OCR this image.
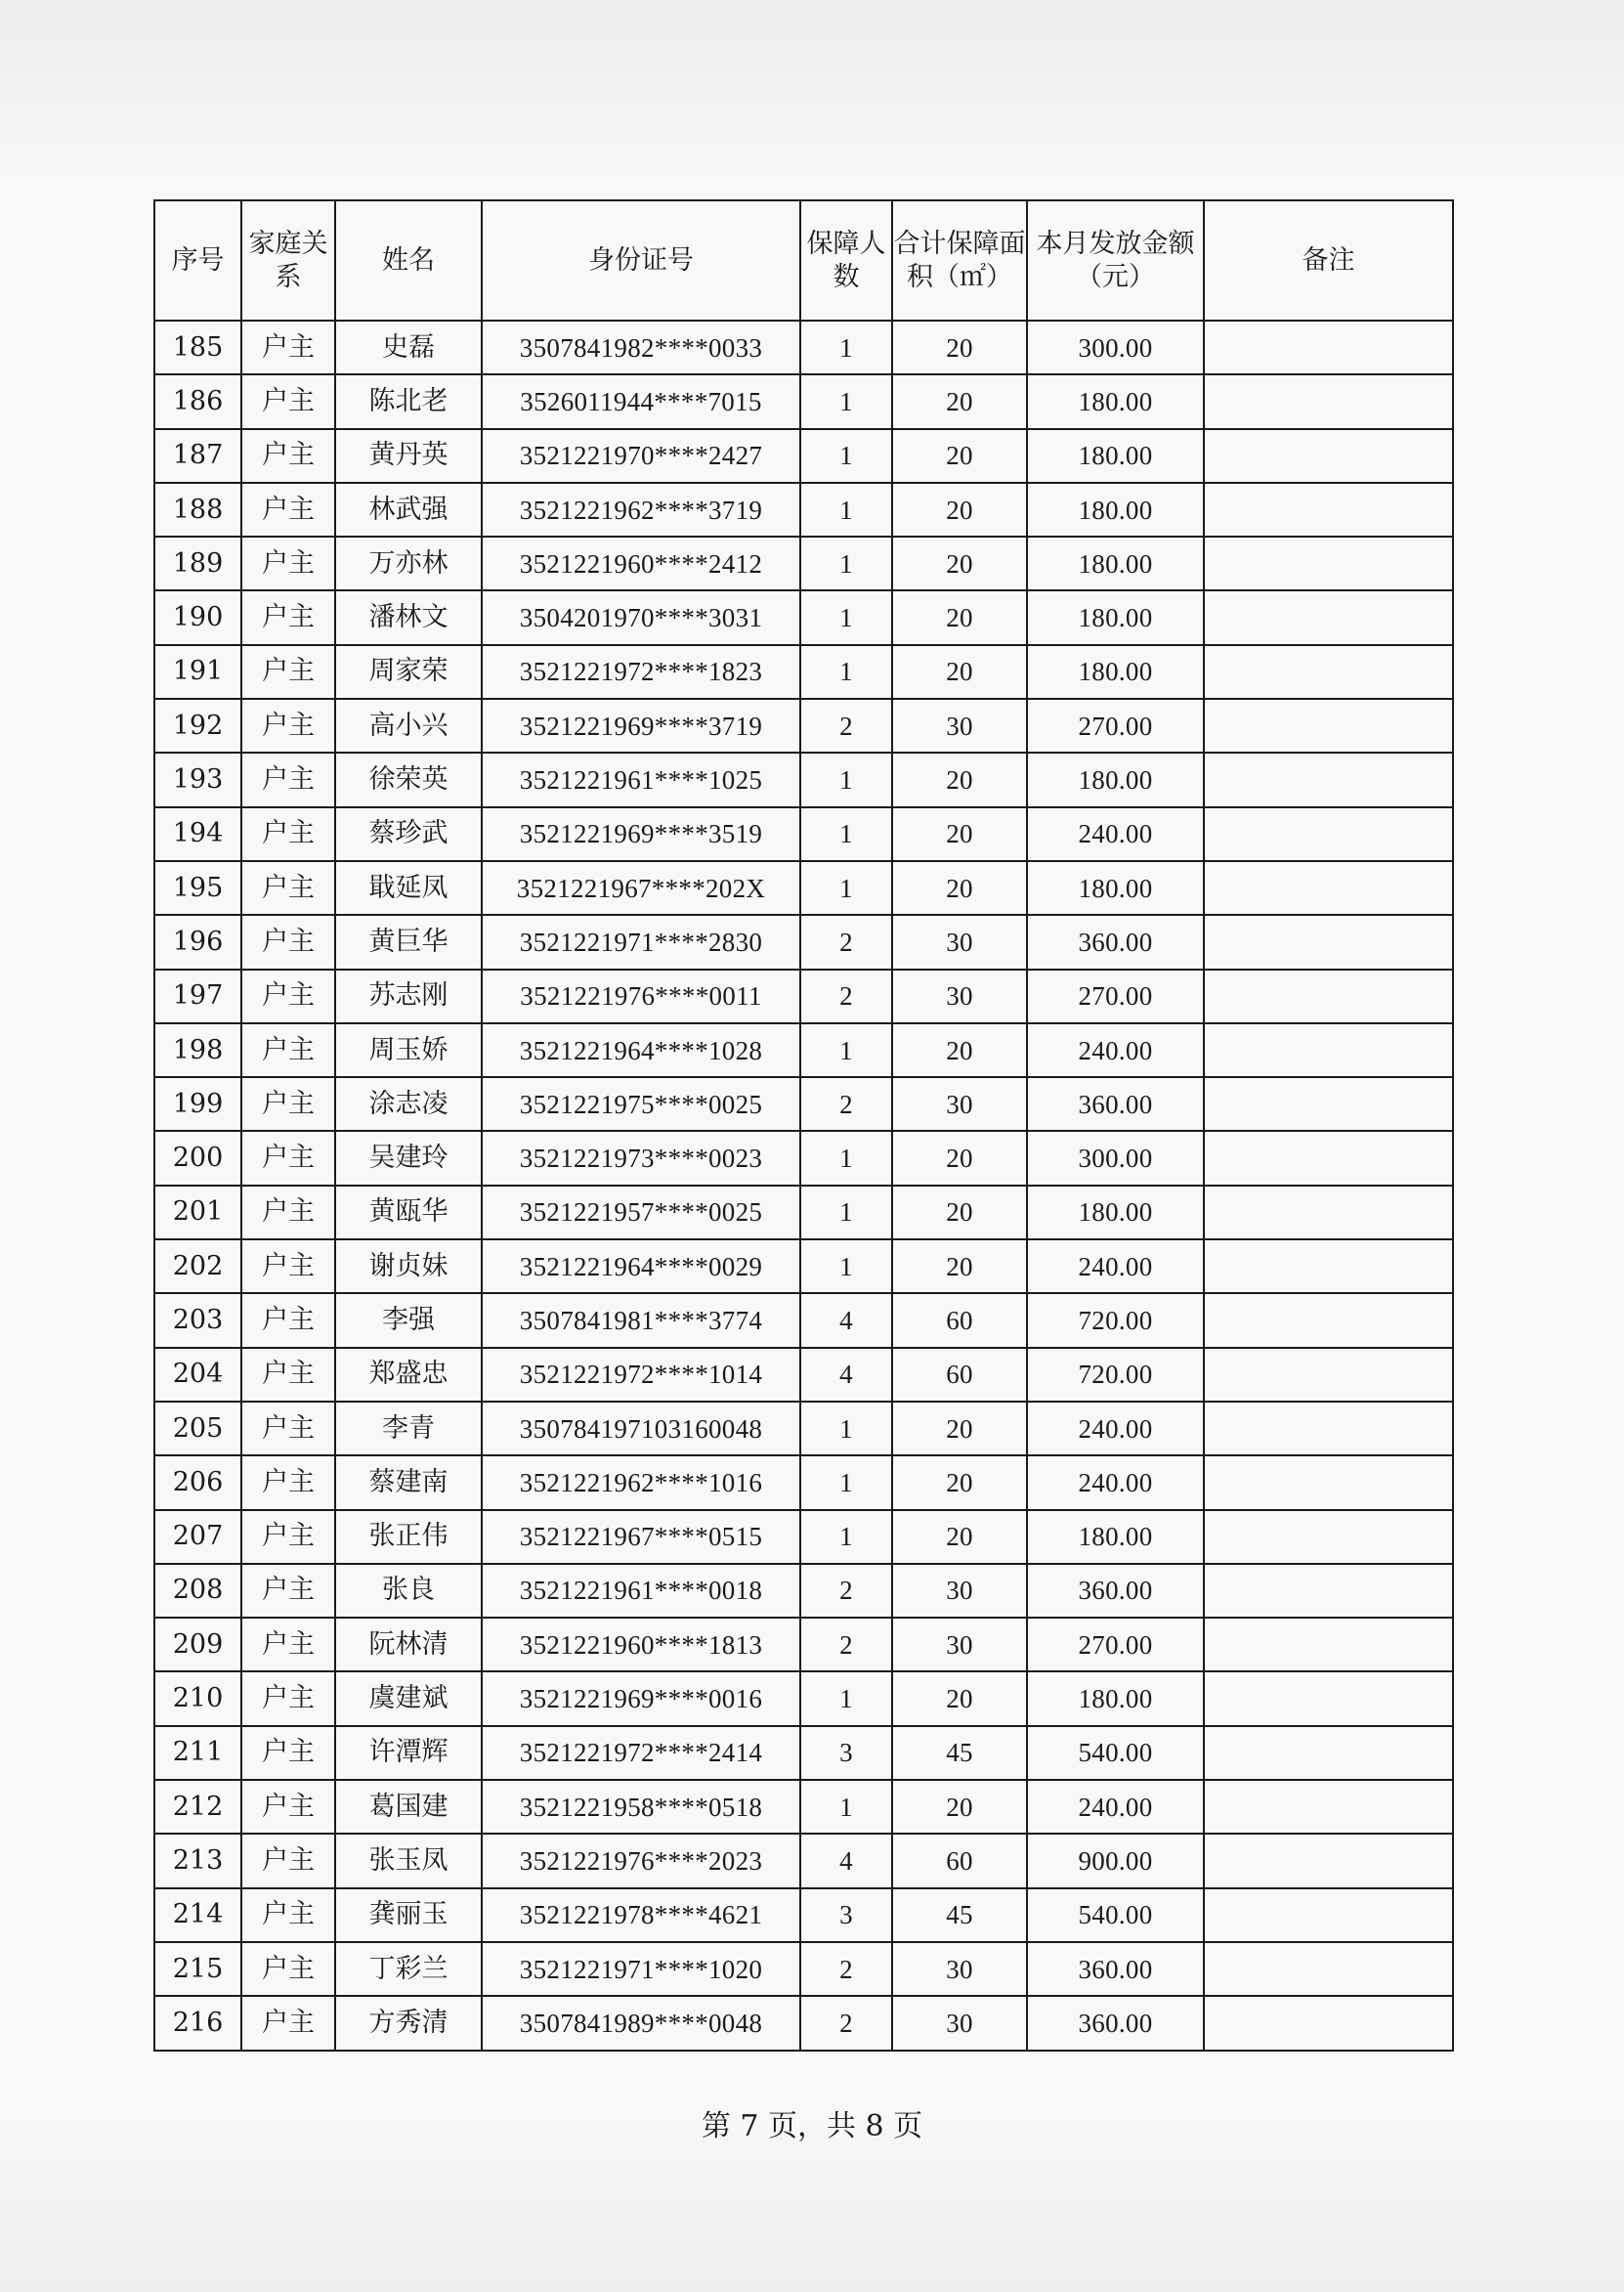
序号	家庭关系	姓名	身份证号	保障人数	合计保障面积（㎡）	本月发放金额（元）	备注
185	户主	史磊	3507841982****0033	1	20	300.00	
186	户主	陈北老	3526011944****7015	1	20	180.00	
187	户主	黄丹英	3521221970****2427	1	20	180.00	
188	户主	林武强	3521221962****3719	1	20	180.00	
189	户主	万亦林	3521221960****2412	1	20	180.00	
190	户主	潘林文	3504201970****3031	1	20	180.00	
191	户主	周家荣	3521221972****1823	1	20	180.00	
192	户主	高小兴	3521221969****3719	2	30	270.00	
193	户主	徐荣英	3521221961****1025	1	20	180.00	
194	户主	蔡珍武	3521221969****3519	1	20	240.00	
195	户主	戢延凤	3521221967****202X	1	20	180.00	
196	户主	黄巨华	3521221971****2830	2	30	360.00	
197	户主	苏志刚	3521221976****0011	2	30	270.00	
198	户主	周玉娇	3521221964****1028	1	20	240.00	
199	户主	涂志凌	3521221975****0025	2	30	360.00	
200	户主	吴建玲	3521221973****0023	1	20	300.00	
201	户主	黄瓯华	3521221957****0025	1	20	180.00	
202	户主	谢贞妹	3521221964****0029	1	20	240.00	
203	户主	李强	3507841981****3774	4	60	720.00	
204	户主	郑盛忠	3521221972****1014	4	60	720.00	
205	户主	李青	350784197103160048	1	20	240.00	
206	户主	蔡建南	3521221962****1016	1	20	240.00	
207	户主	张正伟	3521221967****0515	1	20	180.00	
208	户主	张良	3521221961****0018	2	30	360.00	
209	户主	阮林清	3521221960****1813	2	30	270.00	
210	户主	虞建斌	3521221969****0016	1	20	180.00	
211	户主	许潭辉	3521221972****2414	3	45	540.00	
212	户主	葛国建	3521221958****0518	1	20	240.00	
213	户主	张玉凤	3521221976****2023	4	60	900.00	
214	户主	龚丽玉	3521221978****4621	3	45	540.00	
215	户主	丁彩兰	3521221971****1020	2	30	360.00	
216	户主	方秀清	3507841989****0048	2	30	360.00	
第 7 页，共 8 页
